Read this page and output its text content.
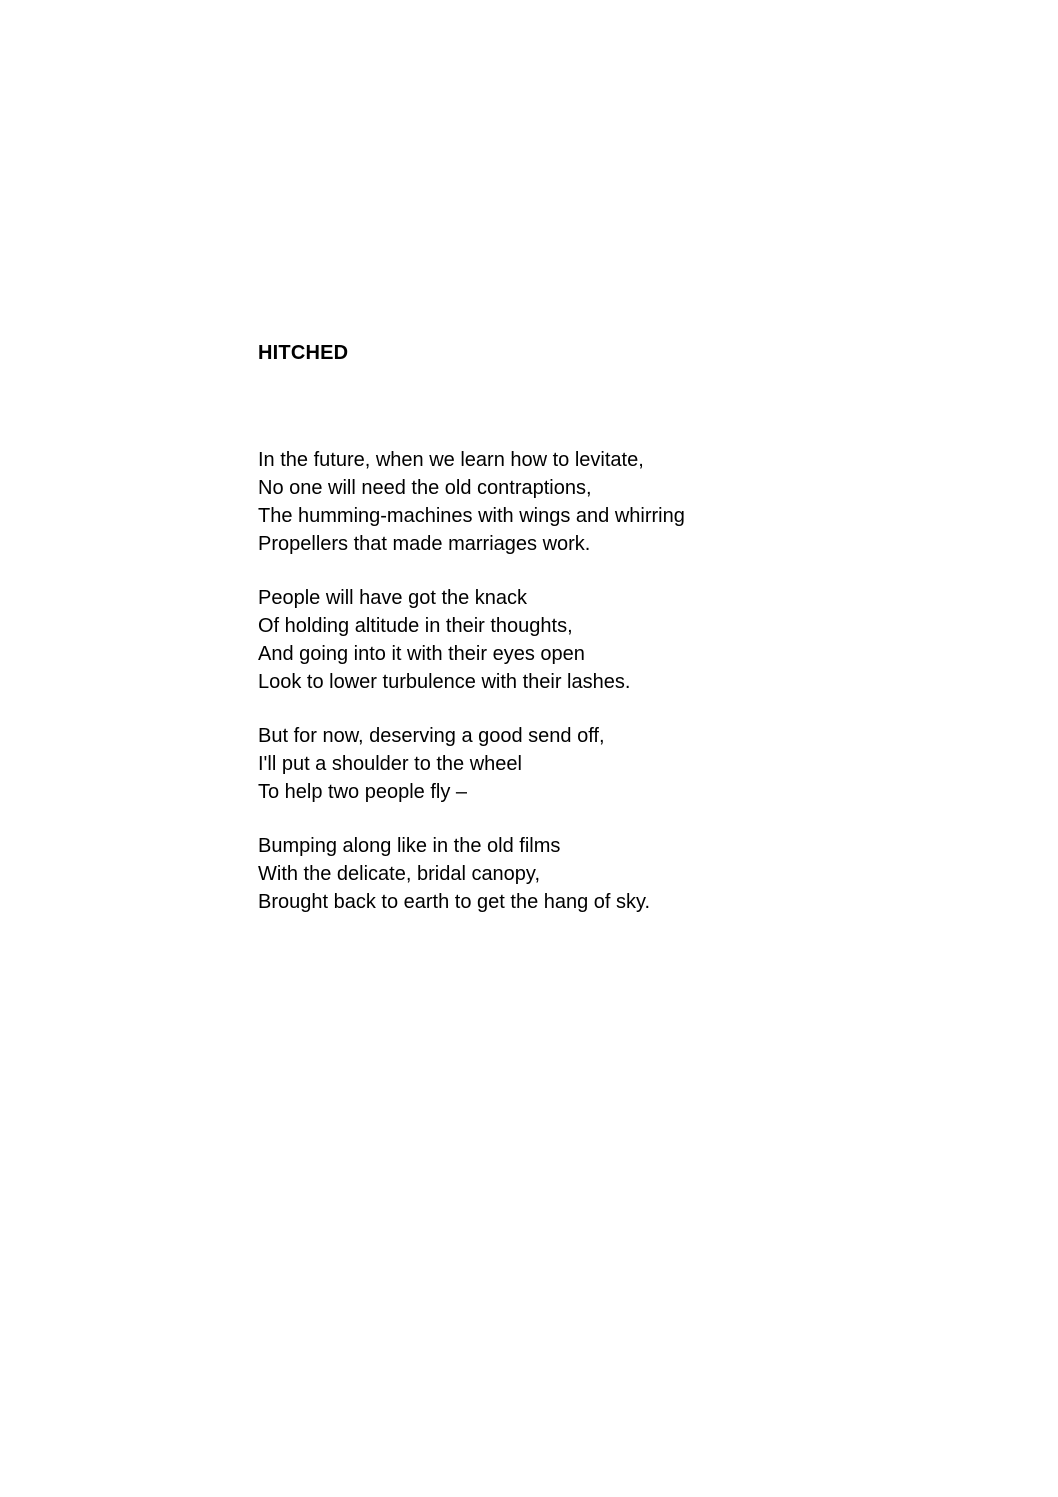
HITCHED
In the future, when we learn how to levitate,
No one will need the old contraptions,
The humming-machines with wings and whirring
Propellers that made marriages work.
People will have got the knack
Of holding altitude in their thoughts,
And going into it with their eyes open
Look to lower turbulence with their lashes.
But for now, deserving a good send off,
I'll put a shoulder to the wheel
To help two people fly –
Bumping along like in the old films
With the delicate, bridal canopy,
Brought back to earth to get the hang of sky.
